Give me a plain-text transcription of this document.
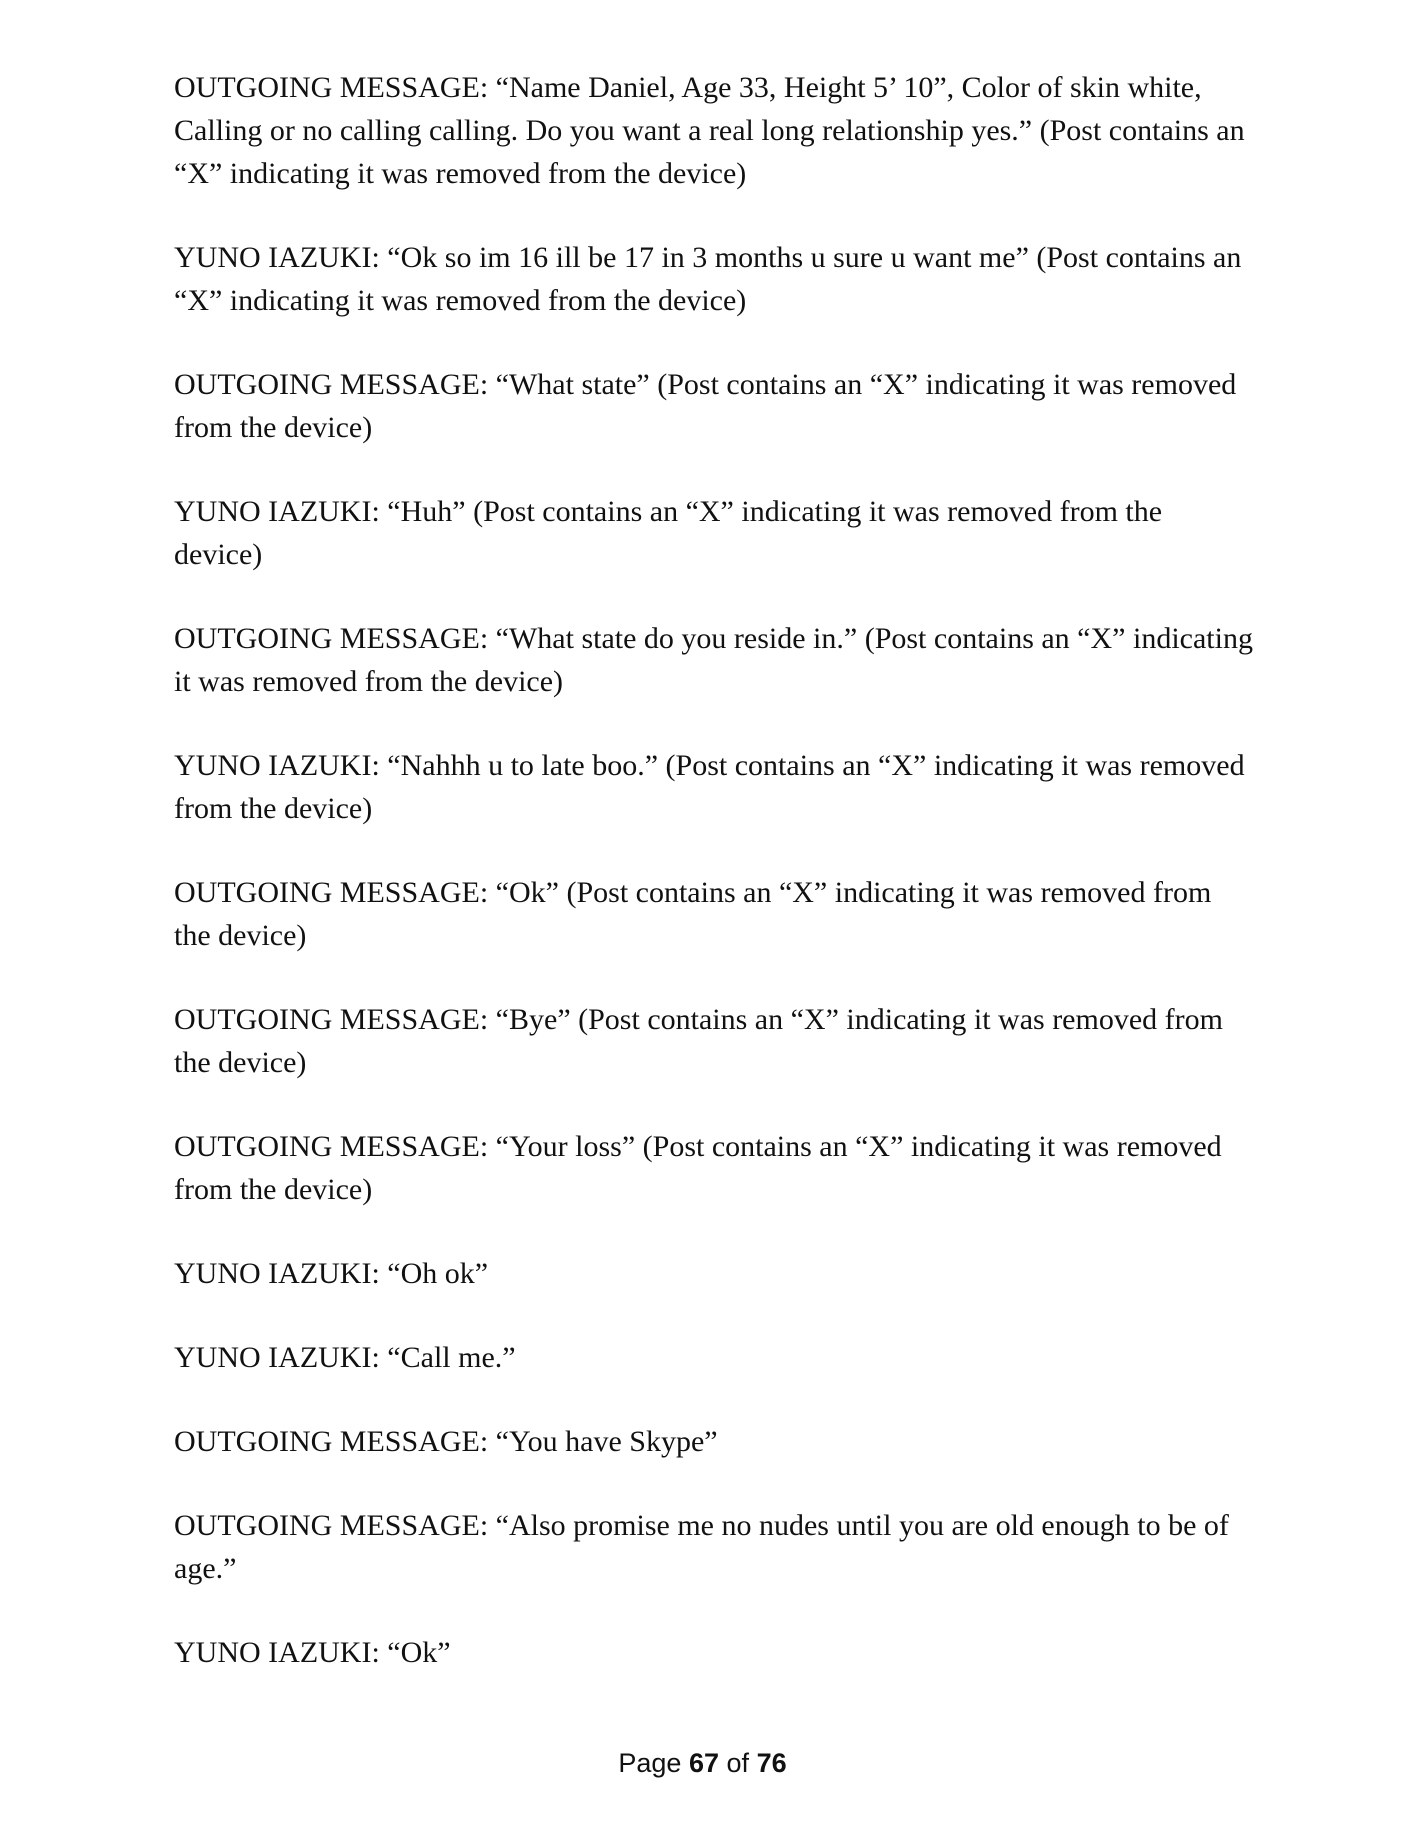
OUTGOING MESSAGE: “Name Daniel, Age 33, Height 5’ 10”, Color of skin white, Calling or no calling calling. Do you want a real long relationship yes.” (Post contains an “X” indicating it was removed from the device)

YUNO IAZUKI: “Ok so im 16 ill be 17 in 3 months u sure u want me” (Post contains an “X” indicating it was removed from the device)

OUTGOING MESSAGE: “What state” (Post contains an “X” indicating it was removed from the device)

YUNO IAZUKI: “Huh” (Post contains an “X” indicating it was removed from the device)

OUTGOING MESSAGE: “What state do you reside in.” (Post contains an “X” indicating it was removed from the device)

YUNO IAZUKI: “Nahhh u to late boo.” (Post contains an “X” indicating it was removed from the device)

OUTGOING MESSAGE: “Ok” (Post contains an “X” indicating it was removed from the device)

OUTGOING MESSAGE: “Bye” (Post contains an “X” indicating it was removed from the device)

OUTGOING MESSAGE: “Your loss” (Post contains an “X” indicating it was removed from the device)

YUNO IAZUKI: “Oh ok”

YUNO IAZUKI: “Call me.”

OUTGOING MESSAGE: “You have Skype”

OUTGOING MESSAGE: “Also promise me no nudes until you are old enough to be of age.”

YUNO IAZUKI: “Ok”

Page 67 of 76
